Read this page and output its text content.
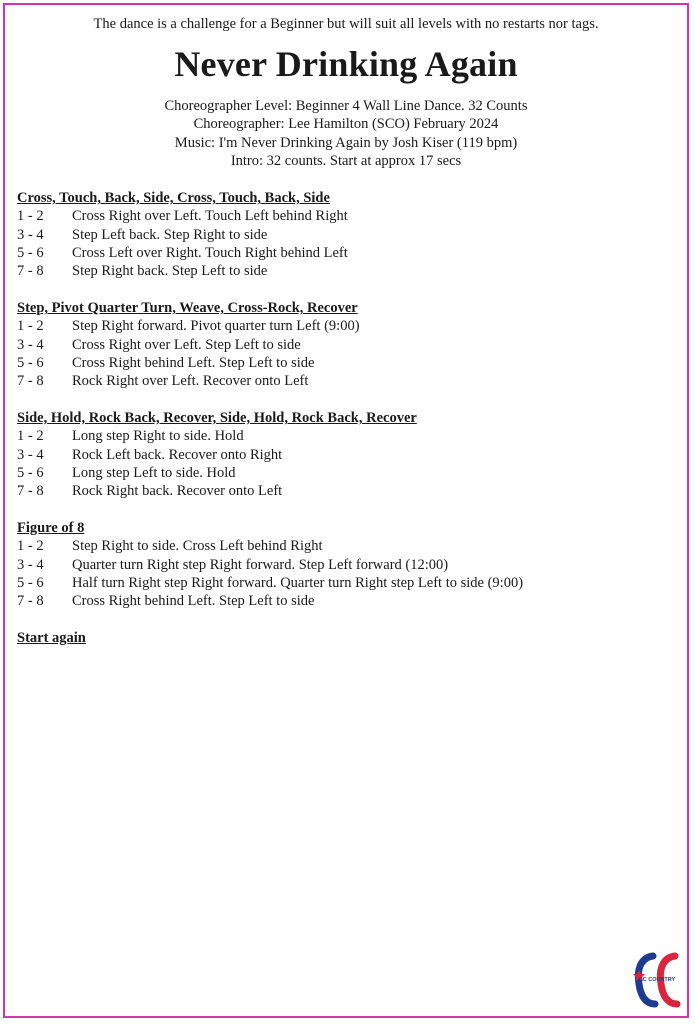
The dance is a challenge for a Beginner but will suit all levels with no restarts nor tags.
Never Drinking Again
Choreographer Level: Beginner 4 Wall Line Dance. 32 Counts
Choreographer: Lee Hamilton (SCO) February 2024
Music: I'm Never Drinking Again by Josh Kiser (119 bpm)
Intro: 32 counts. Start at approx 17 secs
Cross, Touch, Back, Side, Cross, Touch, Back, Side
1 - 2	Cross Right over Left. Touch Left behind Right
3 - 4	Step Left back. Step Right to side
5 - 6	Cross Left over Right. Touch Right behind Left
7 - 8	Step Right back. Step Left to side
Step, Pivot Quarter Turn, Weave, Cross-Rock, Recover
1 - 2	Step Right forward. Pivot quarter turn Left (9:00)
3 - 4	Cross Right over Left. Step Left to side
5 - 6	Cross Right behind Left. Step Left to side
7 - 8	Rock Right over Left. Recover onto Left
Side, Hold, Rock Back, Recover, Side, Hold, Rock Back, Recover
1 - 2	Long step Right to side. Hold
3 - 4	Rock Left back. Recover onto Right
5 - 6	Long step Left to side. Hold
7 - 8	Rock Right back. Recover onto Left
Figure of 8
1 - 2	Step Right to side. Cross Left behind Right
3 - 4	Quarter turn Right step Right forward. Step Left forward (12:00)
5 - 6	Half turn Right step Right forward. Quarter turn Right step Left to side (9:00)
7 - 8	Cross Right behind Left. Step Left to side
Start again
CC COUNTRY
